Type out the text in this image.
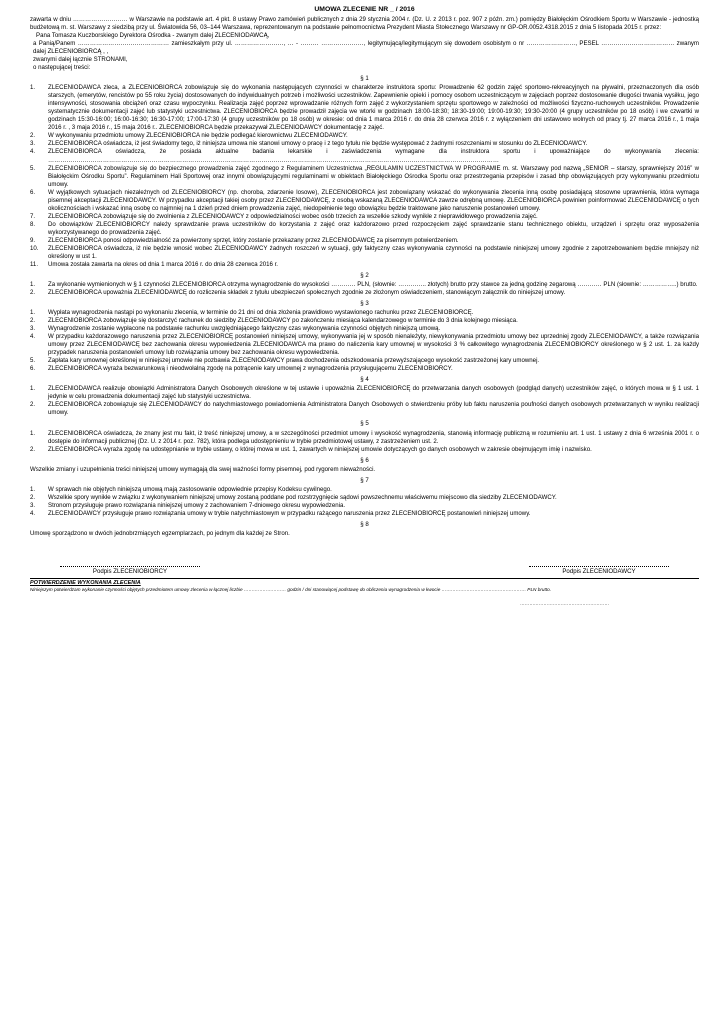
UMOWA ZLECENIE NR _ / 2016

zawarta w dniu ……………………… w Warszawie na podstawie art. 4 pkt. 8 ustawy Prawo zamówień publicznych z dnia 29 stycznia 2004 r. (Dz. U. z 2013 r. poz. 907 z późn. zm.) pomiędzy Białołęckim Ośrodkiem Sportu w Warszawie - jednostką budżetową m. st. Warszawy z siedzibą przy ul. Światowida 56, 03–144 Warszawa, reprezentowanym na podstawie pełnomocnictwa Prezydent Miasta Stołecznego Warszawy nr GP-OR.0052.4318.2015 z dnia 5 listopada 2015 r. przez:

Pana Tomasza Kuczborskiego Dyrektora Ośrodka - zwanym dalej ZLECENIODAWCĄ,

a Panią/Panem ……………………………………… zamieszkałym przy ul. ……………………, … - ……… …………………, legitymującą/legitymującym się dowodem osobistym o nr ……………………, PESEL ……………………………… zwanym dalej ZLECENIOBIORCĄ , ,

zwanymi dalej łącznie STRONAMI,

o następującej treści:

§ 1

1.	ZLECENIODAWCA zleca, a ZLECENIOBIORCA zobowiązuje się do wykonania następujących czynności w charakterze instruktora sportu: Prowadzenie 62 godzin zajęć sportowo-rekreacyjnych na pływalni, przeznaczonych dla osób starszych, (emerytów, rencistów po 55 roku życia) dostosowanych do indywidualnych potrzeb i możliwości uczestników. Zapewnienie opieki i pomocy osobom uczestniczącym w zajęciach poprzez dostosowanie długości trwania wysiłku, jego intensywności, stosowania obciążeń oraz czasu wypoczynku. Realizacja zajęć poprzez wprowadzanie różnych form zajęć z wykorzystaniem sprzętu sportowego w zależności od możliwości fizyczno-ruchowych uczestników. Prowadzenie systematycznie dokumentacji zajęć lub statystyki uczestnictwa. ZLECENIOBIORCA będzie prowadził zajęcia we wtorki w godzinach 18:00-18:30; 18:30-19:00; 19:00-19:30; 19:30-20:00 (4 grupy uczestników po 18 osób) i we czwartki w godzinach 15:30-16:00; 16:00-16:30; 16:30-17:00; 17:00-17:30 (4 grupy uczestników po 18 osób) w okresie: od dnia 1 marca 2016 r. do dnia 28 czerwca 2016 r. z wyłączeniem dni ustawowo wolnych od pracy tj. 27 marca 2016 r., 1 maja 2016 r. , 3 maja 2016 r., 15 maja 2016 r.. ZLECENIOBIORCA będzie przekazywał ZLECENIODAWCY dokumentację z zajęć.
2.	W wykonywaniu przedmiotu umowy ZLECENIOBIORCA nie będzie podlegać kierownictwu ZLECENIODAWCY.
3.	ZLECENIOBIORCA oświadcza, iż jest świadomy tego, iż niniejsza umowa nie stanowi umowy o pracę i z tego tytułu nie będzie występować z żadnymi roszczeniami w stosunku do ZLECENIODAWCY.
4.	ZLECENIOBIORCA oświadcza, że posiada aktualne badania lekarskie i zaświadczenia wymagane dla instruktora sportu i upoważniające do wykonywania zlecenia: ……………………………………………………………………………………………………………………………………………………………………………………………………
5.	ZLECENIOBIORCA zobowiązuje się do bezpiecznego prowadzenia zajęć zgodnego z Regulaminem Uczestnictwa „REGULAMIN UCZESTNICTWA W PROGRAMIE m. st. Warszawy pod nazwą „SENIOR – starszy, sprawniejszy 2016” w Białołęckim Ośrodku Sportu”. Regulaminem Hali Sportowej oraz innymi obowiązującymi regulaminami w obiektach Białołęckiego Ośrodka Sportu oraz przestrzegania przepisów i zasad bhp obowiązujących przy wykonywaniu przedmiotu umowy.
6.	W wyjątkowych sytuacjach niezależnych od ZLECENIOBIORCY (np. choroba, zdarzenie losowe), ZLECENIOBIORCA jest zobowiązany wskazać do wykonywania zlecenia inną osobę posiadającą stosowne uprawnienia, która wymaga pisemnej akceptacji ZLECENIODAWCY. W przypadku akceptacji takiej osoby przez ZLECENIODAWCĘ, z osobą wskazaną ZLECENIODAWCA zawrze odrębną umowę. ZLECENIOBIORCA powinien poinformować ZLECENIODAWCĘ o tych okolicznościach i wskazać inną osobę co najmniej na 1 dzień przed dniem prowadzenia zajęć, niedopełnienie tego obowiązku będzie traktowane jako naruszenie postanowień umowy.
7.	ZLECENIOBIORCA zobowiązuje się do zwolnienia z ZLECENIODAWCY z odpowiedzialności wobec osób trzecich za wszelkie szkody wynikłe z nieprawidłowego prowadzenia zajęć.
8.	Do obowiązków ZLECENIOBIORCY należy sprawdzanie prawa uczestników do korzystania z zajęć oraz każdorazowo przed rozpoczęciem zajęć sprawdzanie stanu technicznego obiektu, urządzeń i sprzętu oraz wyposażenia wykorzystywanego do prowadzenia zajęć.
9.	ZLECENIOBIORCA ponosi odpowiedzialność za powierzony sprzęt, który zostanie przekazany przez ZLECENIODAWCĘ za pisemnym potwierdzeniem.
10.	ZLECENIOBIORCA oświadcza, iż nie będzie wnosić wobec ZLECENIODAWCY żadnych roszczeń w sytuacji, gdy faktyczny czas wykonywania czynności na podstawie niniejszej umowy zgodnie z zapotrzebowaniem będzie mniejszy niż określony w ust 1.
11.	Umowa została zawarta na okres od dnia 1 marca 2016 r. do dnia 28 czerwca 2016 r.

§ 2

1.	Za wykonanie wymienionych w § 1 czynności ZLECENIOBIORCA otrzyma wynagrodzenie do wysokości ………… PLN, (słownie: ………….. złotych) brutto przy stawce za jedną godzinę zegarową ………… PLN (słownie: ……………..) brutto.
2.	ZLECENIOBIORCA upoważnia ZLECENIODAWCĘ do rozliczenia składek z tytułu ubezpieczeń społecznych zgodnie ze złożonym oświadczeniem, stanowiącym załącznik do niniejszej umowy.

§ 3

1.	Wypłata wynagrodzenia nastąpi po wykonaniu zlecenia, w terminie do 21 dni od dnia złożenia prawidłowo wystawionego rachunku przez ZLECENIOBIORCĘ.
2.	ZLECENIOBIORCA zobowiązuje się dostarczyć rachunek do siedziby ZLECENIODAWCY po zakończeniu miesiąca kalendarzowego w terminie do 3 dnia kolejnego miesiąca.
3.	Wynagrodzenie zostanie wypłacone na podstawie rachunku uwzględniającego faktyczny czas wykonywania czynności objętych niniejszą umową.
4.	W przypadku każdorazowego naruszenia przez ZLECENIOBIORCĘ postanowień niniejszej umowy, wykonywania jej w sposób nienależyty, niewykonywania przedmiotu umowy bez uprzedniej zgody ZLECENIODAWCY, a także rozwiązania umowy przez ZLECENIODAWCĘ bez zachowania okresu wypowiedzenia ZLECENIODAWCA ma prawo do naliczenia kary umownej w wysokości 3 % całkowitego wynagrodzenia ZLECENIOBIORCY określonego w § 2 ust. 1. za każdy przypadek naruszenia postanowień umowy lub rozwiązania umowy bez zachowania okresu wypowiedzenia.
5.	Zapłata kary umownej określonej w niniejszej umowie nie pozbawia ZLECENIODAWCY prawa dochodzenia odszkodowania przewyższającego wysokość zastrzeżonej kary umownej.
6.	ZLECENIOBIORCA wyraża bezwarunkową i nieodwołalną zgodę na potrącenie kary umownej z wynagrodzenia przysługującemu ZLECENIOBIORCY.

§ 4

1.	ZLECENIODAWCA realizuje obowiązki Administratora Danych Osobowych określone w tej ustawie i upoważnia ZLECENIOBIORCĘ do przetwarzania danych osobowych (podgląd danych) uczestników zajęć, o których mowa w § 1 ust. 1 jedynie w celu prowadzenia dokumentacji zajęć lub statystyki uczestnictwa.
2.	ZLECENIOBIORCA zobowiązuje się ZLECENIODAWCY do natychmiastowego powiadomienia Administratora Danych Osobowych o stwierdzeniu próby lub faktu naruszenia poufności danych osobowych przetwarzanych w wyniku realizacji umowy.

§ 5

1.	ZLECENIOBIORCA oświadcza, że znany jest mu fakt, iż treść niniejszej umowy, a w szczególności przedmiot umowy i wysokość wynagrodzenia, stanowią informację publiczną w rozumieniu art. 1 ust. 1 ustawy z dnia 6 września 2001 r. o dostępie do informacji publicznej (Dz. U. z 2014 r. poz. 782), która podlega udostępnieniu w trybie przedmiotowej ustawy, z zastrzeżeniem ust. 2.
2.	ZLECENIOBIORCA wyraża zgodę na udostępnianie w trybie ustawy, o której mowa w ust. 1, zawartych w niniejszej umowie dotyczących go danych osobowych w zakresie obejmującym imię i nazwisko.

§ 6

Wszelkie zmiany i uzupełnienia treści niniejszej umowy wymagają dla swej ważności formy pisemnej, pod rygorem nieważności.

§ 7

1.	W sprawach nie objętych niniejszą umową mają zastosowanie odpowiednie przepisy Kodeksu cywilnego.
2.	Wszelkie spory wynikłe w związku z wykonywaniem niniejszej umowy zostaną poddane pod rozstrzygnięcie sądowi powszechnemu właściwemu miejscowo dla siedziby ZLECENIODAWCY.
3.	Stronom przysługuje prawo rozwiązania niniejszej umowy z zachowaniem 7-dniowego okresu wypowiedzenia.
4.	ZLECENIODAWCY przysługuje prawo rozwiązania umowy w trybie natychmiastowym w przypadku rażącego naruszenia przez ZLECENIOBIORCĘ postanowień niniejszej umowy.

§ 8

Umowę sporządzono w dwóch jednobrzmiących egzemplarzach, po jednym dla każdej ze Stron.

Podpis ZLECENIOBIORCY	Podpis ZLECENIODAWCY
POTWIERDZENIE WYKONANIA ZLECENIA
Niniejszym potwierdzam wykonanie czynności objętych przedmiotem umowy zlecenia w łącznej liczbie ……………………… godzin / dni stanowiącej podstawę do obliczenia wynagrodzenia w kwocie ……………………………………………… PLN brutto.
…………………………………………………
